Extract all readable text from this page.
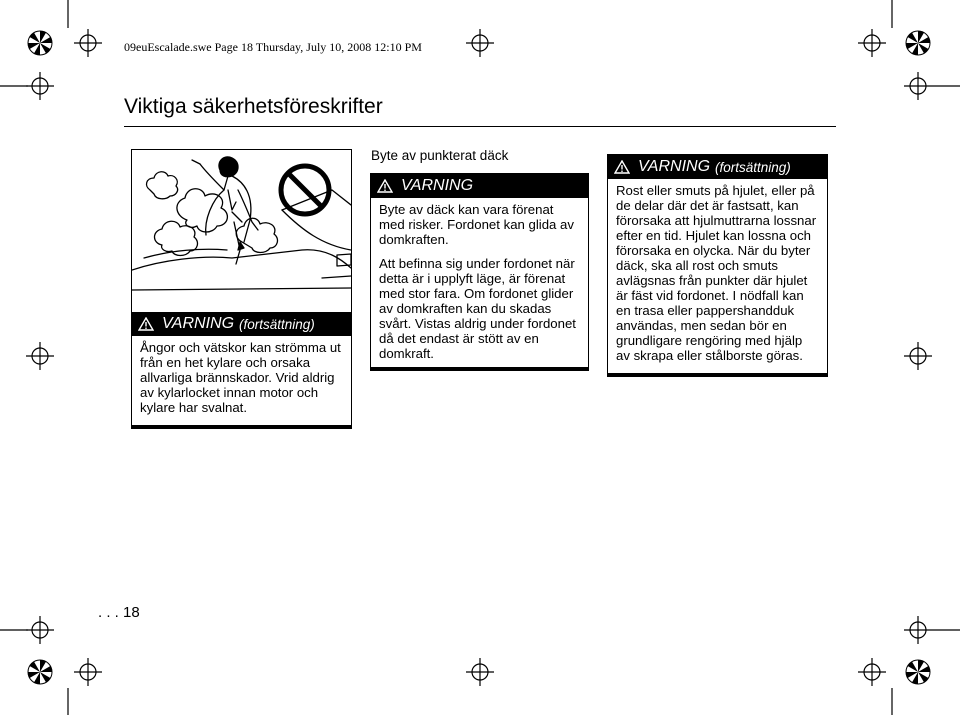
09euEscalade.swe Page 18 Thursday, July 10, 2008 12:10 PM
Viktiga säkerhetsföreskrifter
VARNING (fortsättning)

Ångor och vätskor kan strömma ut från en het kylare och orsaka allvarliga brännskador. Vrid aldrig av kylarlocket innan motor och kylare har svalnat.

Byte av punkterat däck
VARNING

Byte av däck kan vara förenat med risker. Fordonet kan glida av domkraften.

Att befinna sig under fordonet när detta är i upplyft läge, är förenat med stor fara. Om fordonet glider av domkraften kan du skadas svårt. Vistas aldrig under fordonet då det endast är stött av en domkraft.

VARNING (fortsättning)

Rost eller smuts på hjulet, eller på de delar där det är fastsatt, kan förorsaka att hjulmuttrarna lossnar efter en tid. Hjulet kan lossna och förorsaka en olycka. När du byter däck, ska all rost och smuts avlägsnas från punkter där hjulet är fäst vid fordonet. I nödfall kan en trasa eller pappershandduk användas, men sedan bör en grundligare rengöring med hjälp av skrapa eller stålborste göras.

. . . 18
